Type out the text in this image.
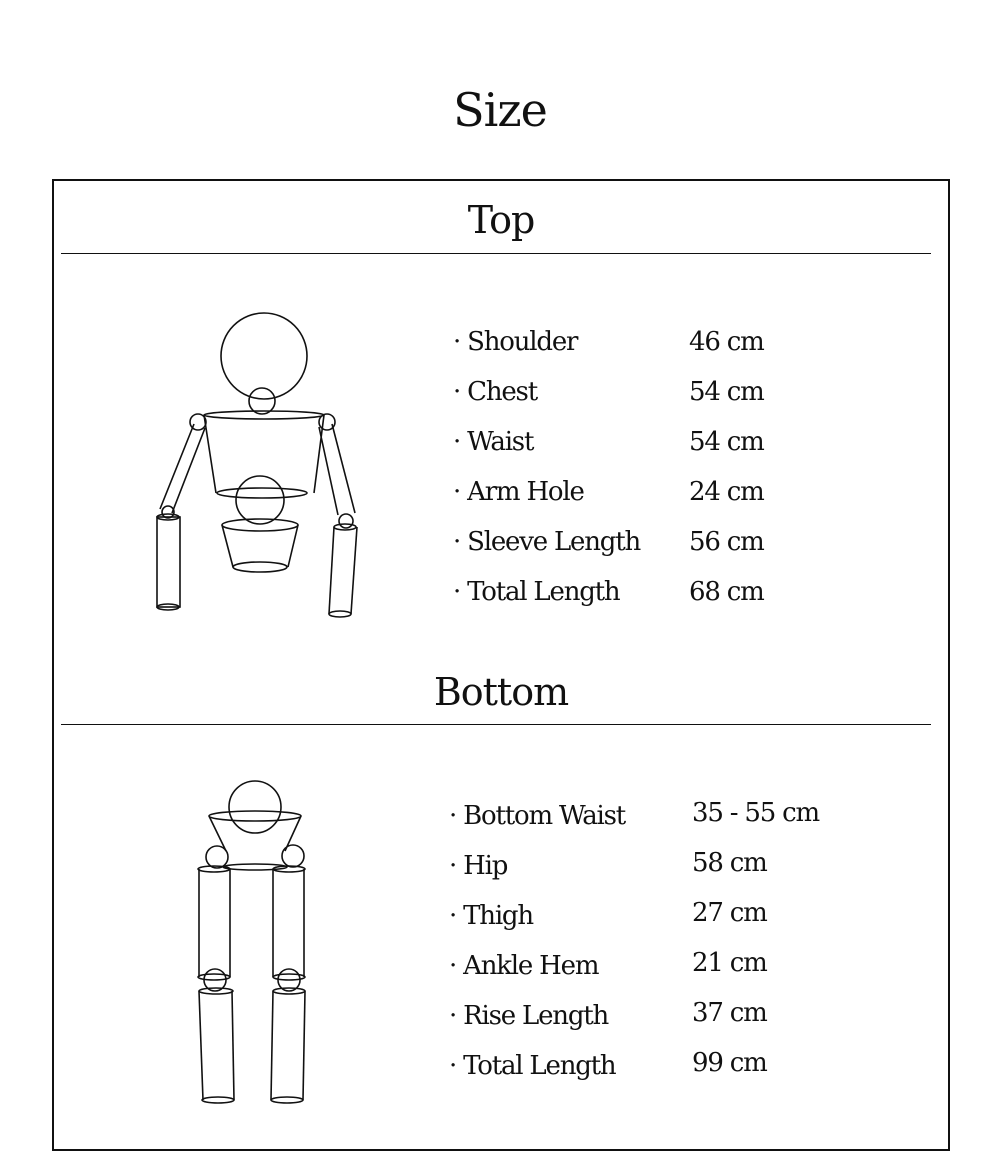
Size
Top
· Shoulder	46 cm
· Chest	54 cm
· Waist	54 cm
· Arm Hole	24 cm
· Sleeve Length 56 cm
· Total Length	68 cm
Bottom
· Bottom Waist	35 - 55 cm
· Hip	58 cm
· Thigh	27 cm
· Ankle Hem	21 cm
· Rise Length	37 cm
· Total Length	99 cm
